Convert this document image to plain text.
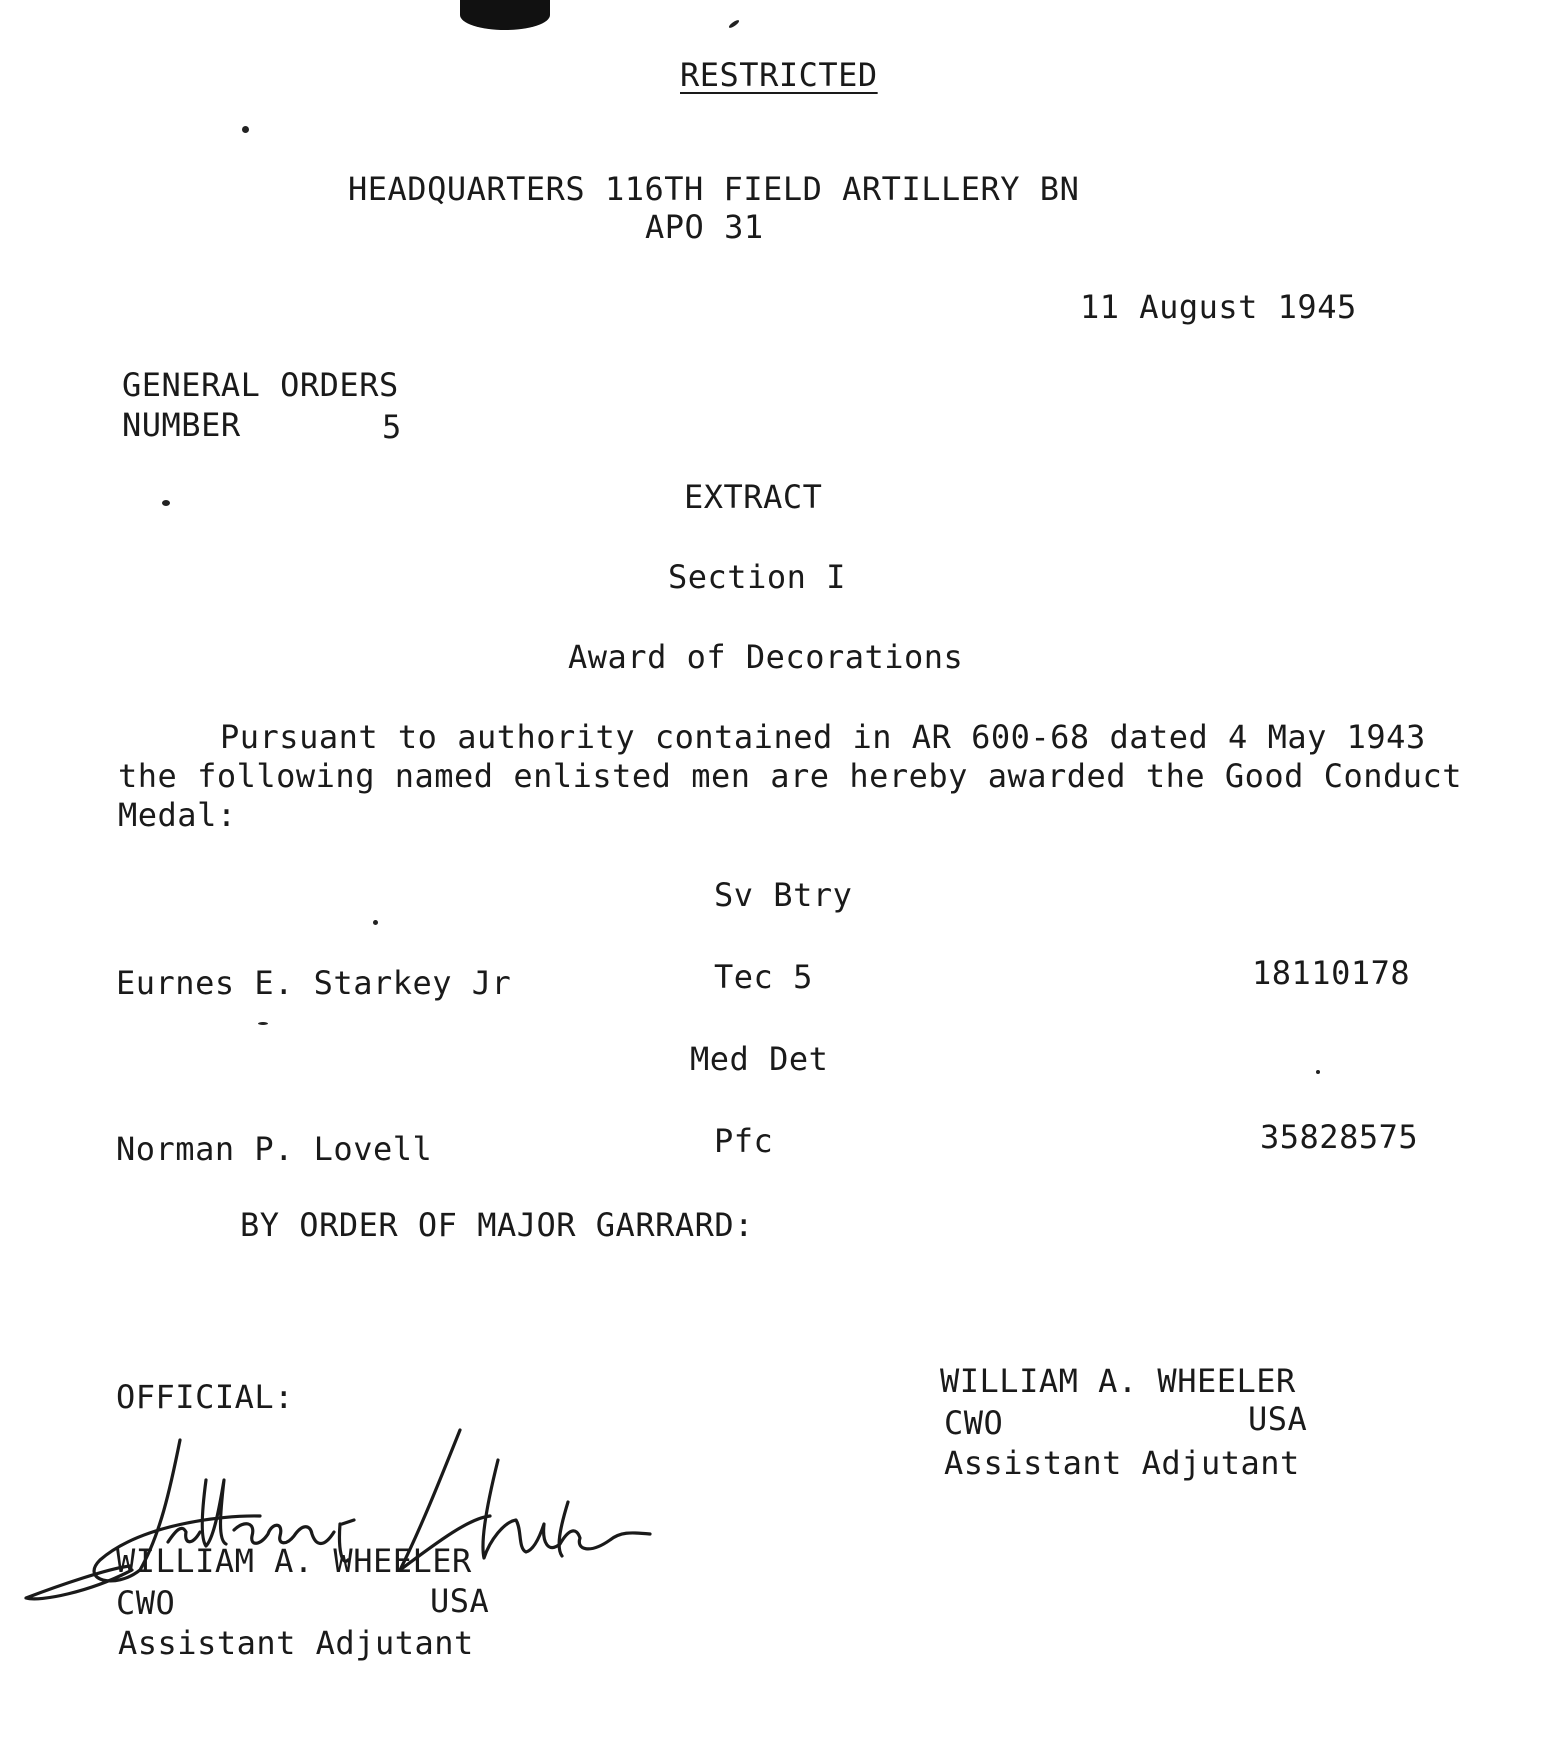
RESTRICTED
HEADQUARTERS 116TH FIELD ARTILLERY BN
APO 31
11 August 1945
GENERAL ORDERS
NUMBER	5
EXTRACT
Section I
Award of Decorations
Pursuant to authority contained in AR 600-68 dated 4 May 1943 the following named enlisted men are hereby awarded the Good Conduct Medal:
Sv Btry
Eurnes E. Starkey Jr	Tec 5	18110178
Med Det
Norman P. Lovell	Pfc	35828575
BY ORDER OF MAJOR GARRARD:
WILLIAM A. WHEELER
CWO	USA
Assistant Adjutant
OFFICIAL:
WILLIAM A. WHEELER
CWO	USA
Assistant Adjutant
